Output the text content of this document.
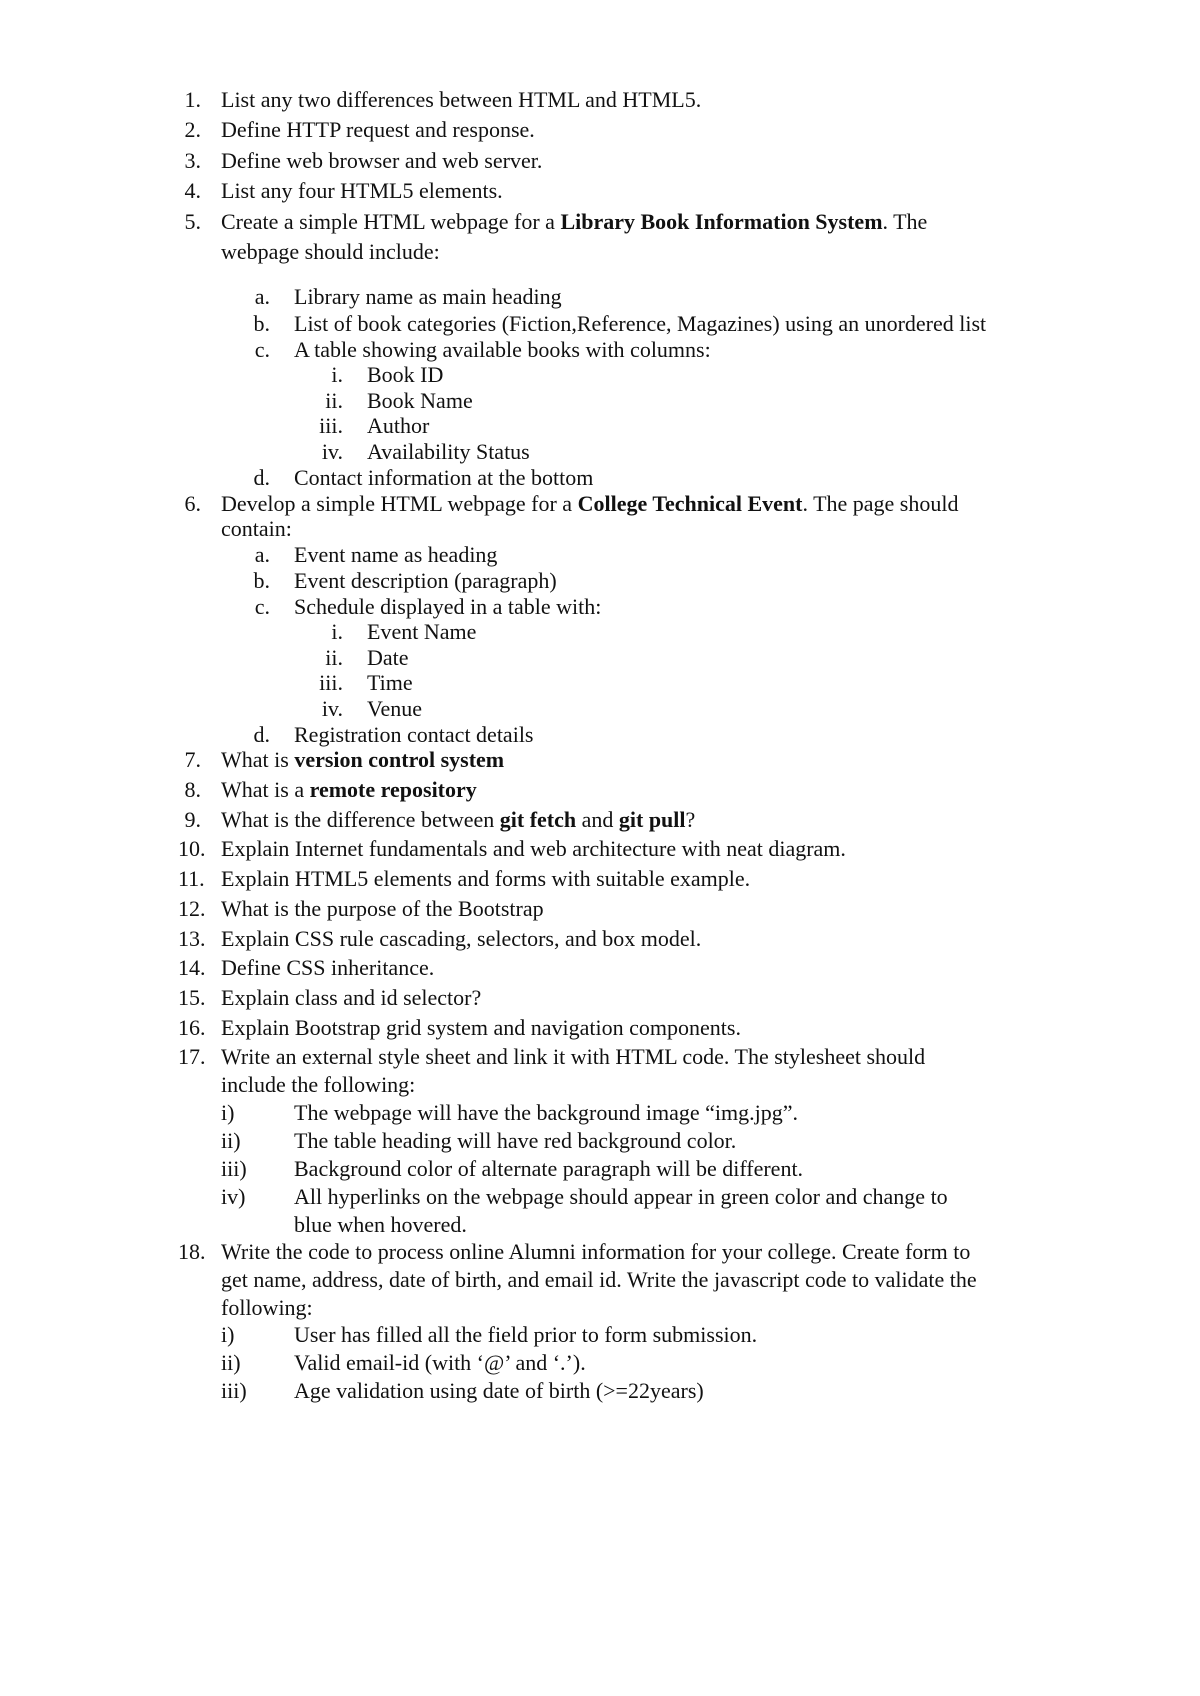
1. List any two differences between HTML and HTML5.
2. Define HTTP request and response.
3. Define web browser and web server.
4. List any four HTML5 elements.
5. Create a simple HTML webpage for a Library Book Information System. The
webpage should include:
a. Library name as main heading
b. List of book categories (Fiction,Reference, Magazines) using an unordered list
c. A table showing available books with columns:
i. Book ID
ii. Book Name
iii. Author
iv. Availability Status
d. Contact information at the bottom
6. Develop a simple HTML webpage for a College Technical Event. The page should
contain:
a. Event name as heading
b. Event description (paragraph)
c. Schedule displayed in a table with:
i. Event Name
ii. Date
iii. Time
iv. Venue
d. Registration contact details
7. What is version control system
8. What is a remote repository
9. What is the difference between git fetch and git pull?
10. Explain Internet fundamentals and web architecture with neat diagram.
11. Explain HTML5 elements and forms with suitable example.
12. What is the purpose of the Bootstrap
13. Explain CSS rule cascading, selectors, and box model.
14. Define CSS inheritance.
15. Explain class and id selector?
16. Explain Bootstrap grid system and navigation components.
17. Write an external style sheet and link it with HTML code. The stylesheet should
include the following:
i)	The webpage will have the background image “img.jpg”.
ii) The table heading will have red background color.
iii) Background color of alternate paragraph will be different.
iv) All hyperlinks on the webpage should appear in green color and change to
blue when hovered.
18. Write the code to process online Alumni information for your college. Create form to
get name, address, date of birth, and email id. Write the javascript code to validate the
following:
i)	User has filled all the field prior to form submission.
ii) Valid email-id (with ‘@’ and ‘.’).
iii) Age validation using date of birth (>=22years)
